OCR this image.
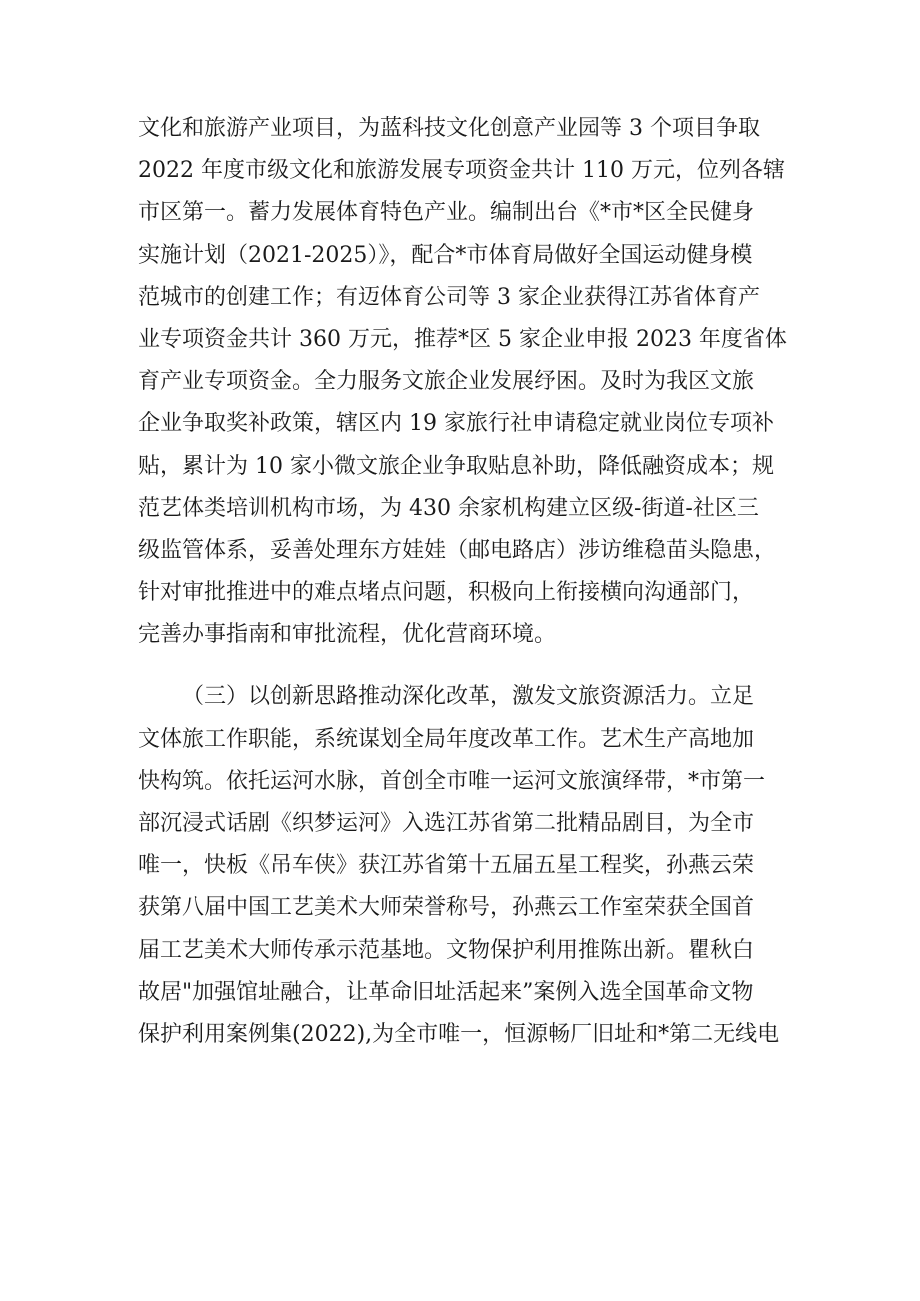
文化和旅游产业项目，为蓝科技文化创意产业园等 3 个项目争取
2022 年度市级文化和旅游发展专项资金共计 110 万元，位列各辖
市区第一。蓄力发展体育特色产业。编制出台《*市*区全民健身
实施计划（2021-2025）》，配合*市体育局做好全国运动健身模
范城市的创建工作；有迈体育公司等 3 家企业获得江苏省体育产
业专项资金共计 360 万元，推荐*区 5 家企业申报 2023 年度省体
育产业专项资金。全力服务文旅企业发展纾困。及时为我区文旅
企业争取奖补政策，辖区内 19 家旅行社申请稳定就业岗位专项补
贴，累计为 10 家小微文旅企业争取贴息补助，降低融资成本；规
范艺体类培训机构市场，为 430 余家机构建立区级-街道-社区三
级监管体系，妥善处理东方娃娃（邮电路店）涉访维稳苗头隐患，
针对审批推进中的难点堵点问题，积极向上衔接横向沟通部门，
完善办事指南和审批流程，优化营商环境。
（三）以创新思路推动深化改革，激发文旅资源活力。立足
文体旅工作职能，系统谋划全局年度改革工作。艺术生产高地加
快构筑。依托运河水脉，首创全市唯一运河文旅演绎带，*市第一
部沉浸式话剧《织梦运河》入选江苏省第二批精品剧目，为全市
唯一，快板《吊车侠》获江苏省第十五届五星工程奖，孙燕云荣
获第八届中国工艺美术大师荣誉称号，孙燕云工作室荣获全国首
届工艺美术大师传承示范基地。文物保护利用推陈出新。瞿秋白
故居"加强馆址融合，让革命旧址活起来”案例入选全国革命文物
保护利用案例集(2022),为全市唯一，恒源畅厂旧址和*第二无线电
